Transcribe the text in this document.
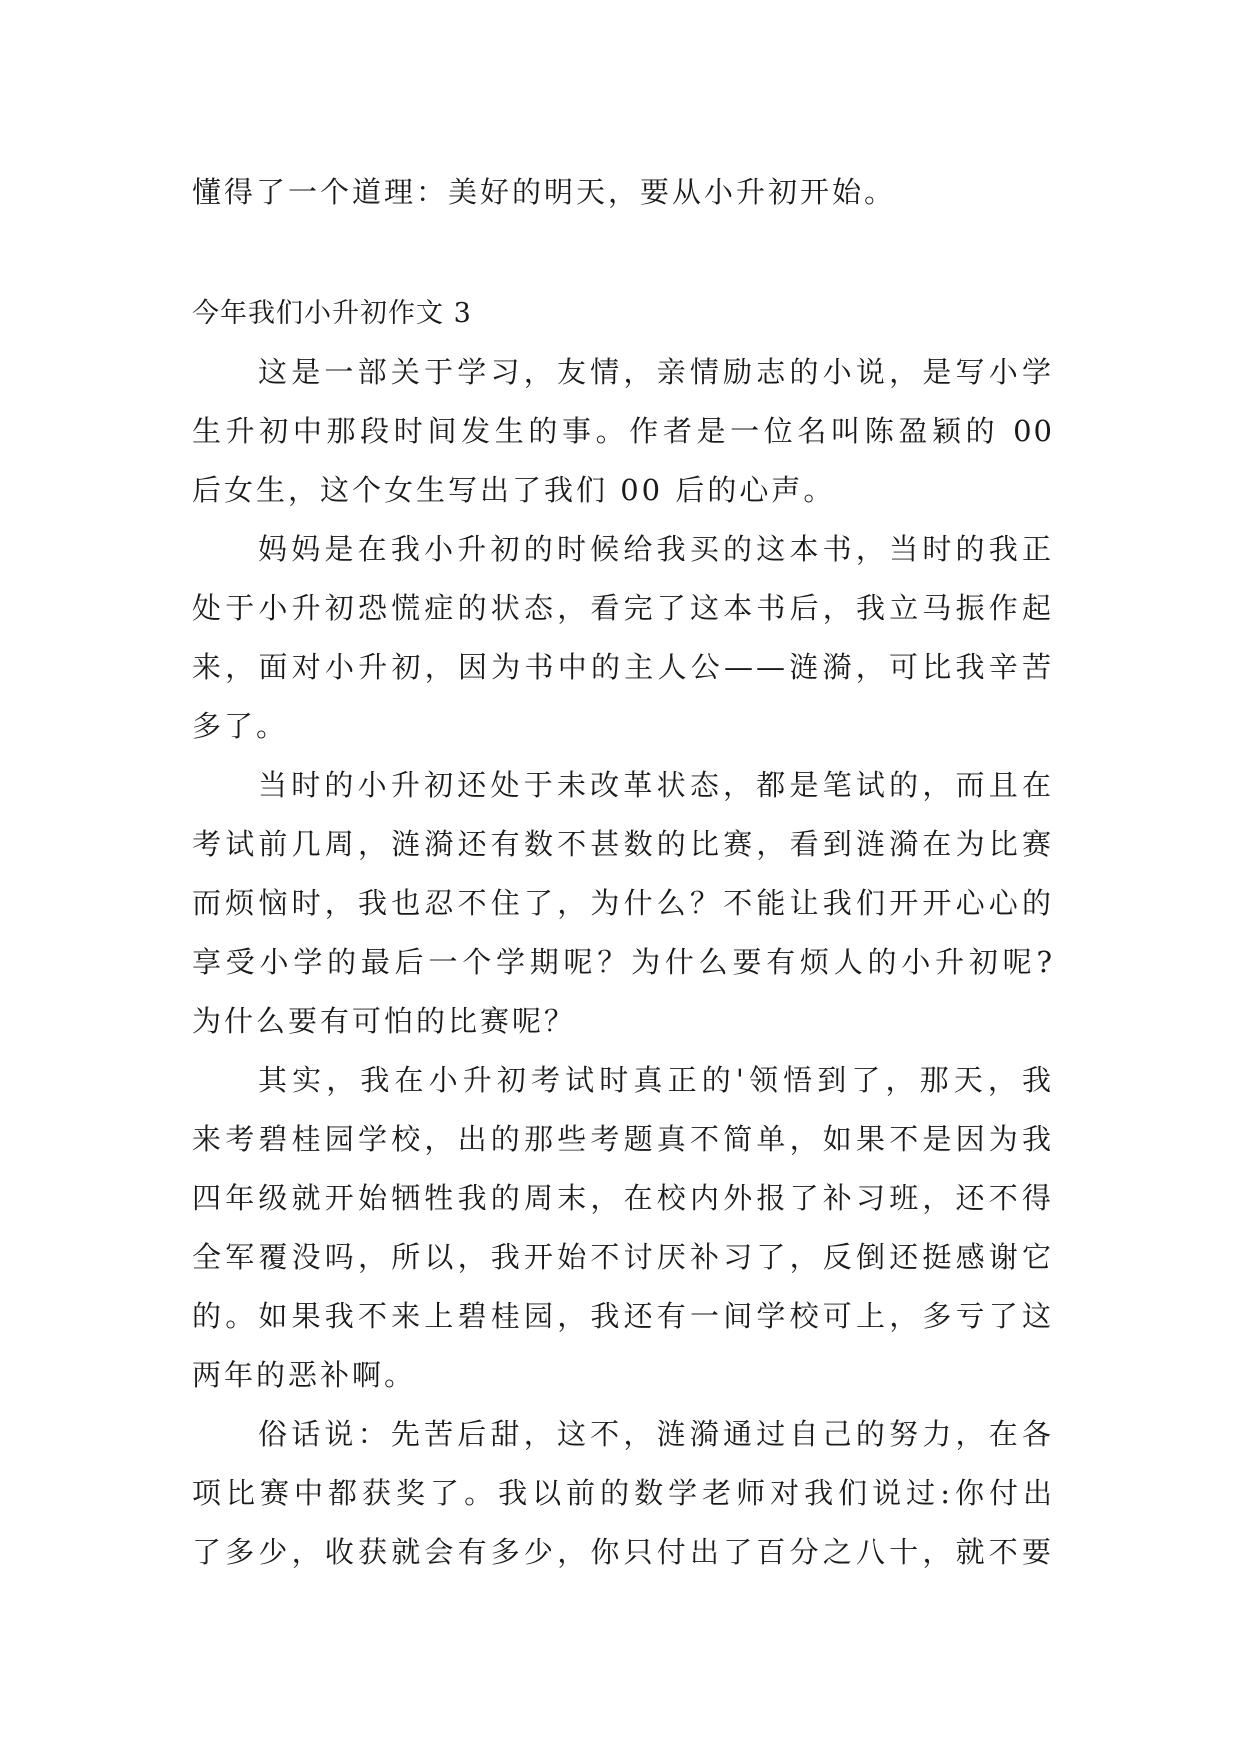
懂得了一个道理：美好的明天，要从小升初开始。
今年我们小升初作文 3
这是一部关于学习，友情，亲情励志的小说，是写小学
生升初中那段时间发生的事。作者是一位名叫陈盈颖的 00
后女生，这个女生写出了我们 00 后的心声。
妈妈是在我小升初的时候给我买的这本书，当时的我正
处于小升初恐慌症的状态，看完了这本书后，我立马振作起
来，面对小升初，因为书中的主人公——涟漪，可比我辛苦
多了。
当时的小升初还处于未改革状态，都是笔试的，而且在
考试前几周，涟漪还有数不甚数的比赛，看到涟漪在为比赛
而烦恼时，我也忍不住了，为什么？不能让我们开开心心的
享受小学的最后一个学期呢？为什么要有烦人的小升初呢?
为什么要有可怕的比赛呢？
其实，我在小升初考试时真正的'领悟到了，那天，我
来考碧桂园学校，出的那些考题真不简单，如果不是因为我
四年级就开始牺牲我的周末，在校内外报了补习班，还不得
全军覆没吗，所以，我开始不讨厌补习了，反倒还挺感谢它
的。如果我不来上碧桂园，我还有一间学校可上，多亏了这
两年的恶补啊。
俗话说：先苦后甜，这不，涟漪通过自己的努力，在各
项比赛中都获奖了。我以前的数学老师对我们说过:你付出
了多少，收获就会有多少，你只付出了百分之八十，就不要
